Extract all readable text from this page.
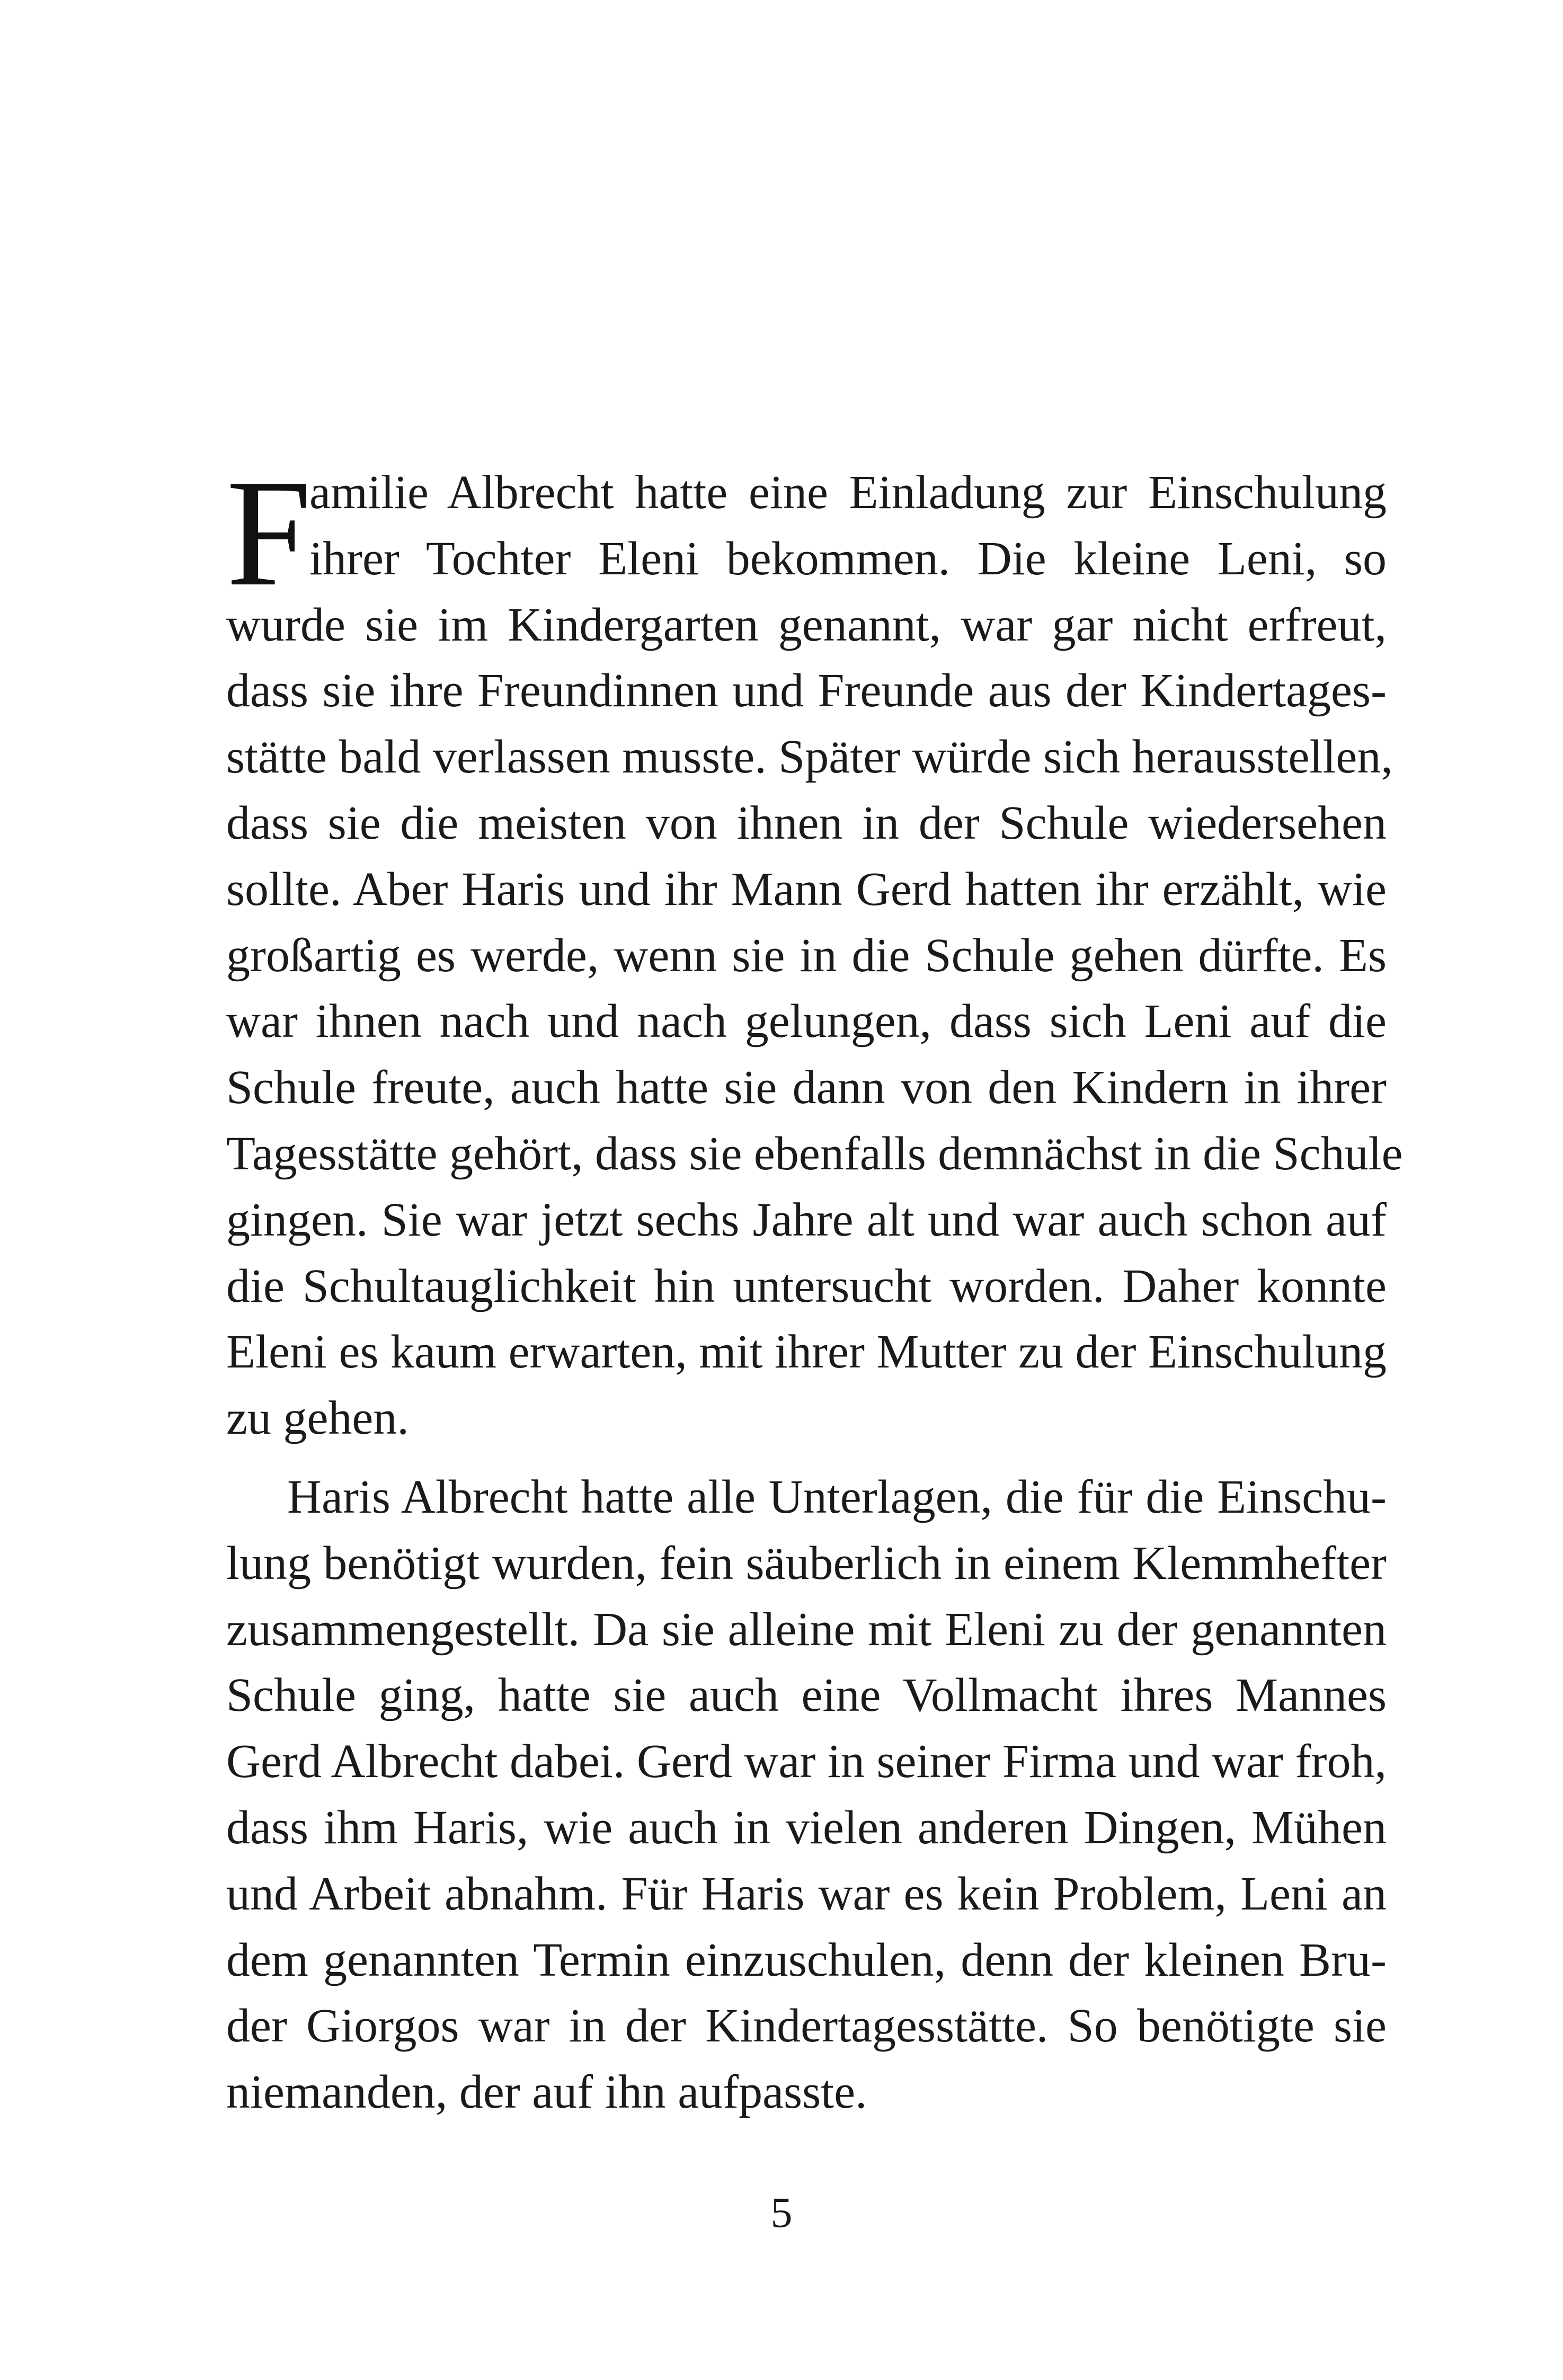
F
amilie Albrecht hatte eine Einladung zur Einschulung
ihrer Tochter Eleni bekommen. Die kleine Leni, so
wurde sie im Kindergarten genannt, war gar nicht erfreut,
dass sie ihre Freundinnen und Freunde aus der Kindertages-
stätte bald verlassen musste. Später würde sich herausstellen,
dass sie die meisten von ihnen in der Schule wiedersehen
sollte. Aber Haris und ihr Mann Gerd hatten ihr erzählt, wie
großartig es werde, wenn sie in die Schule gehen dürfte. Es
war ihnen nach und nach gelungen, dass sich Leni auf die
Schule freute, auch hatte sie dann von den Kindern in ihrer
Tagesstätte gehört, dass sie ebenfalls demnächst in die Schule
gingen. Sie war jetzt sechs Jahre alt und war auch schon auf
die Schultauglichkeit hin untersucht worden. Daher konnte
Eleni es kaum erwarten, mit ihrer Mutter zu der Einschulung
zu gehen.
Haris Albrecht hatte alle Unterlagen, die für die Einschu-
lung benötigt wurden, fein säuberlich in einem Klemmhefter
zusammengestellt. Da sie alleine mit Eleni zu der genannten
Schule ging, hatte sie auch eine Vollmacht ihres Mannes
Gerd Albrecht dabei. Gerd war in seiner Firma und war froh,
dass ihm Haris, wie auch in vielen anderen Dingen, Mühen
und Arbeit abnahm. Für Haris war es kein Problem, Leni an
dem genannten Termin einzuschulen, denn der kleinen Bru-
der Giorgos war in der Kindertagesstätte. So benötigte sie
niemanden, der auf ihn aufpasste.
5
